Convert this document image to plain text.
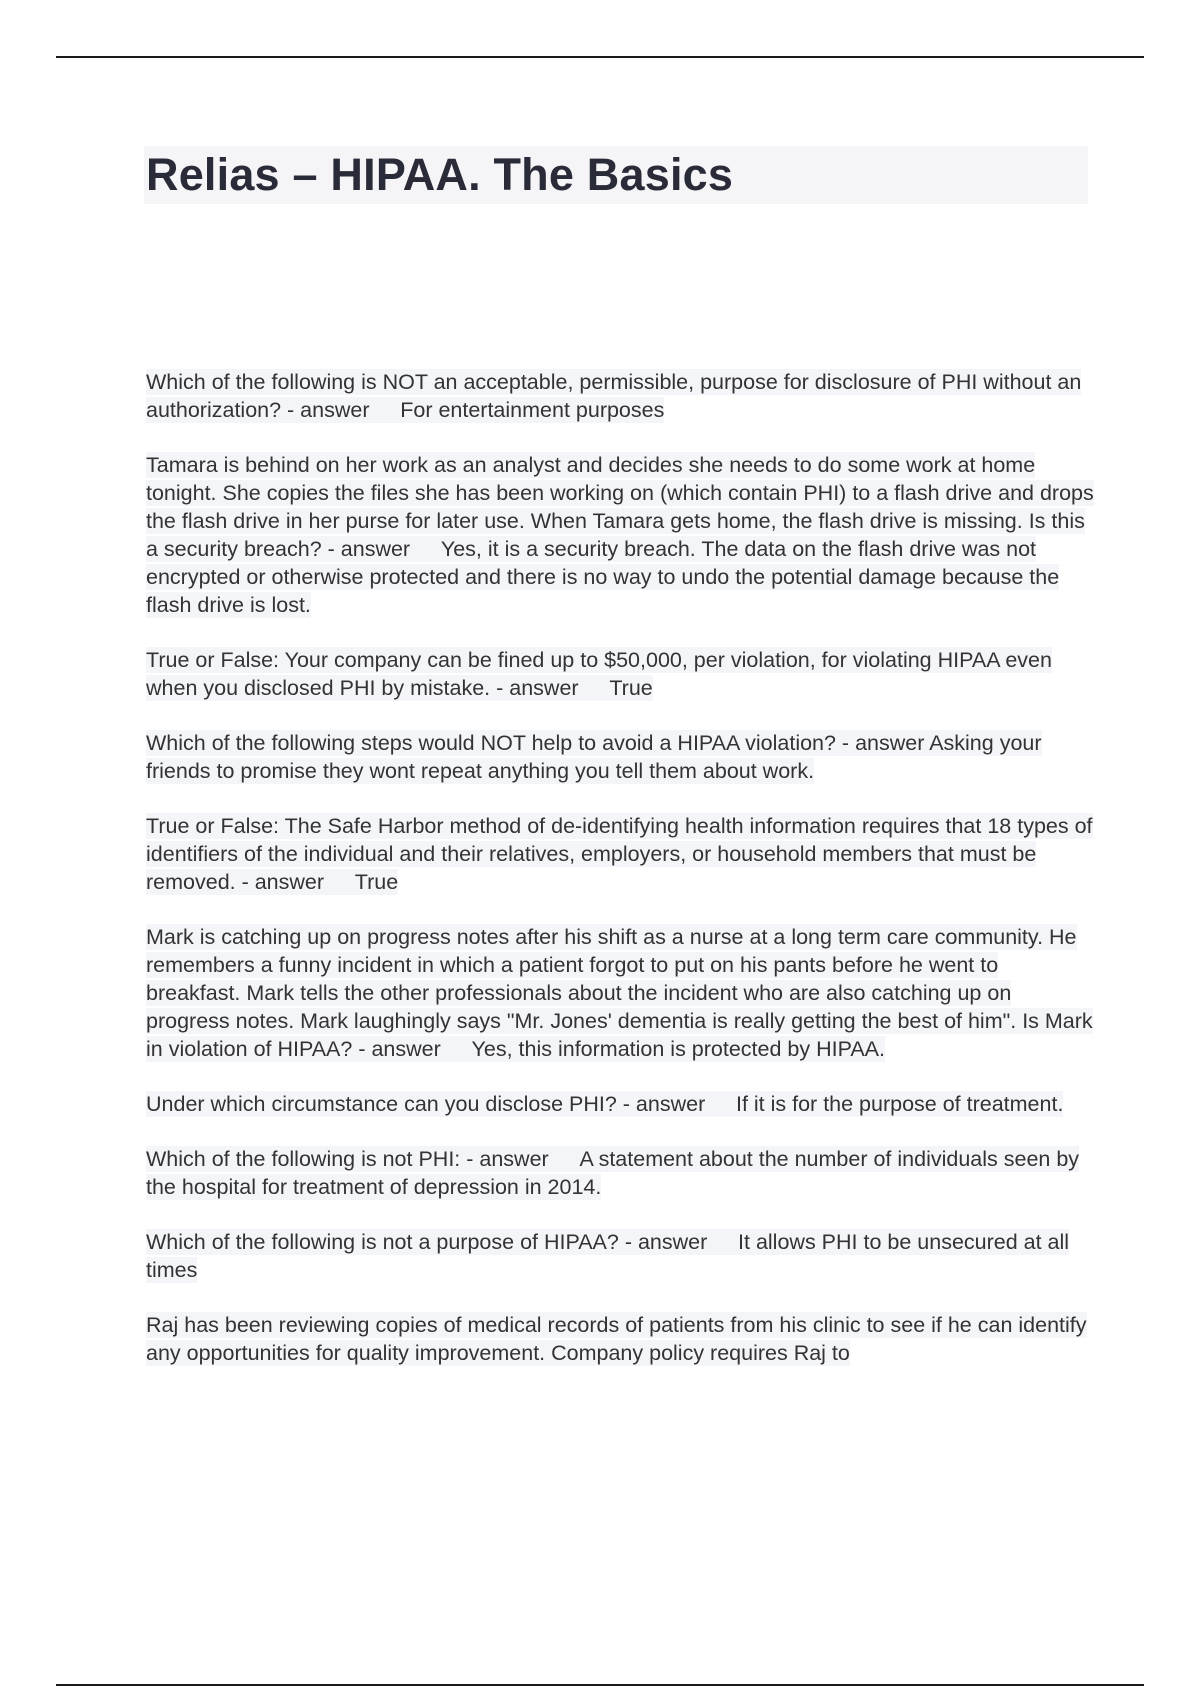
Relias – HIPAA. The Basics

Which of the following is NOT an acceptable, permissible, purpose for disclosure of PHI without an authorization? - answer For entertainment purposes

Tamara is behind on her work as an analyst and decides she needs to do some work at home tonight. She copies the files she has been working on (which contain PHI) to a flash drive and drops the flash drive in her purse for later use. When Tamara gets home, the flash drive is missing. Is this a security breach? - answer Yes, it is a security breach. The data on the flash drive was not encrypted or otherwise protected and there is no way to undo the potential damage because the flash drive is lost.

True or False: Your company can be fined up to $50,000, per violation, for violating HIPAA even when you disclosed PHI by mistake. - answer True

Which of the following steps would NOT help to avoid a HIPAA violation? - answer Asking your friends to promise they wont repeat anything you tell them about work.

True or False: The Safe Harbor method of de-identifying health information requires that 18 types of identifiers of the individual and their relatives, employers, or household members that must be removed. - answer True

Mark is catching up on progress notes after his shift as a nurse at a long term care community. He remembers a funny incident in which a patient forgot to put on his pants before he went to breakfast. Mark tells the other professionals about the incident who are also catching up on progress notes. Mark laughingly says "Mr. Jones' dementia is really getting the best of him". Is Mark in violation of HIPAA? - answer Yes, this information is protected by HIPAA.

Under which circumstance can you disclose PHI? - answer If it is for the purpose of treatment.

Which of the following is not PHI: - answer A statement about the number of individuals seen by the hospital for treatment of depression in 2014.

Which of the following is not a purpose of HIPAA? - answer It allows PHI to be unsecured at all times

Raj has been reviewing copies of medical records of patients from his clinic to see if he can identify any opportunities for quality improvement. Company policy requires Raj to
